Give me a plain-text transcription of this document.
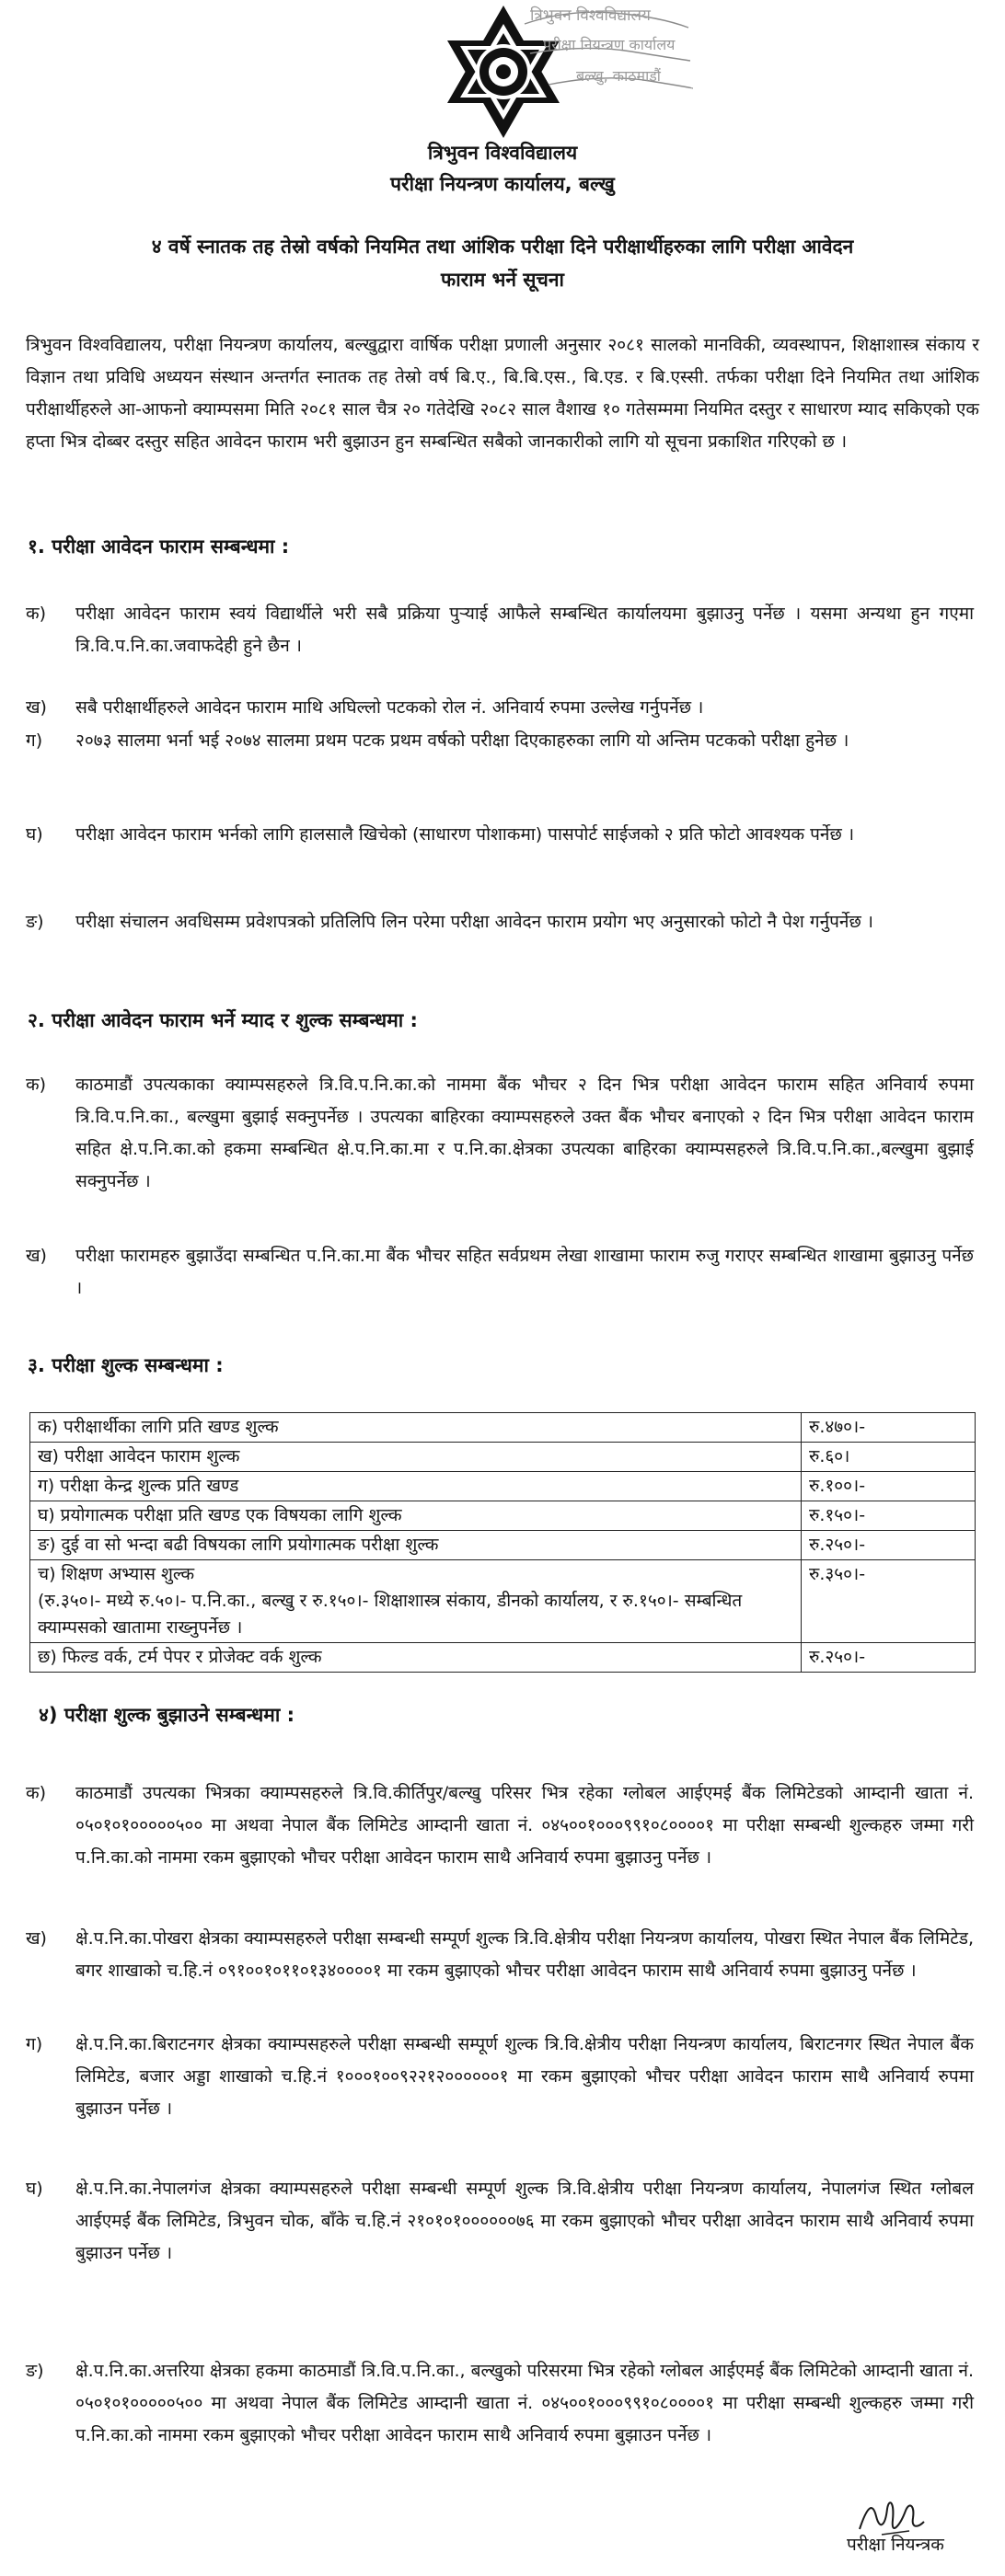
त्रिभुवन विश्वविद्यालय
परीक्षा नियन्त्रण कार्यालय
बल्खु, काठमाडौं
त्रिभुवन विश्वविद्यालय
परीक्षा नियन्त्रण कार्यालय, बल्खु
४ वर्षे स्नातक तह तेस्रो वर्षको नियमित तथा आंशिक परीक्षा दिने परीक्षार्थीहरुका लागि परीक्षा आवेदन
फाराम भर्ने सूचना
त्रिभुवन विश्वविद्यालय, परीक्षा नियन्त्रण कार्यालय, बल्खुद्वारा वार्षिक परीक्षा प्रणाली अनुसार २०८१ सालको मानविकी, व्यवस्थापन, शिक्षाशास्त्र संकाय र विज्ञान तथा प्रविधि अध्ययन संस्थान अन्तर्गत स्नातक तह तेस्रो वर्ष बि.ए., बि.बि.एस., बि.एड. र बि.एस्सी. तर्फका परीक्षा दिने नियमित तथा आंशिक परीक्षार्थीहरुले आ-आफनो क्याम्पसमा मिति २०८१ साल चैत्र २० गतेदेखि २०८२ साल वैशाख १० गतेसम्ममा नियमित दस्तुर र साधारण म्याद सकिएको एक हप्ता भित्र दोब्बर दस्तुर सहित आवेदन फाराम भरी बुझाउन हुन सम्बन्धित सबैको जानकारीको लागि यो सूचना प्रकाशित गरिएको छ ।
१. परीक्षा आवेदन फाराम सम्बन्धमा :
क) परीक्षा आवेदन फाराम स्वयं विद्यार्थीले भरी सबै प्रक्रिया पुर्‍याई आफैले सम्बन्धित कार्यालयमा बुझाउनु पर्नेछ । यसमा अन्यथा हुन गएमा त्रि.वि.प.नि.का.जवाफदेही हुने छैन ।
ख) सबै परीक्षार्थीहरुले आवेदन फाराम माथि अघिल्लो पटकको रोल नं. अनिवार्य रुपमा उल्लेख गर्नुपर्नेछ ।
ग) २०७३ सालमा भर्ना भई २०७४ सालमा प्रथम पटक प्रथम वर्षको परीक्षा दिएकाहरुका लागि यो अन्तिम पटकको परीक्षा हुनेछ ।
घ) परीक्षा आवेदन फाराम भर्नको लागि हालसालै खिचेको (साधारण पोशाकमा) पासपोर्ट साईजको २ प्रति फोटो आवश्यक पर्नेछ ।
ङ) परीक्षा संचालन अवधिसम्म प्रवेशपत्रको प्रतिलिपि लिन परेमा परीक्षा आवेदन फाराम प्रयोग भए अनुसारको फोटो नै पेश गर्नुपर्नेछ ।
२. परीक्षा आवेदन फाराम भर्ने म्याद र शुल्क सम्बन्धमा :
क) काठमाडौं उपत्यकाका क्याम्पसहरुले त्रि.वि.प.नि.का.को नाममा बैंक भौचर २ दिन भित्र परीक्षा आवेदन फाराम सहित अनिवार्य रुपमा त्रि.वि.प.नि.का., बल्खुमा बुझाई सक्नुपर्नेछ । उपत्यका बाहिरका क्याम्पसहरुले उक्त बैंक भौचर बनाएको २ दिन भित्र परीक्षा आवेदन फाराम सहित क्षे.प.नि.का.को हकमा सम्बन्धित क्षे.प.नि.का.मा र प.नि.का.क्षेत्रका उपत्यका बाहिरका क्याम्पसहरुले त्रि.वि.प.नि.का.,बल्खुमा बुझाई सक्नुपर्नेछ ।
ख) परीक्षा फारामहरु बुझाउँदा सम्बन्धित प.नि.का.मा बैंक भौचर सहित सर्वप्रथम लेखा शाखामा फाराम रुजु गराएर सम्बन्धित शाखामा बुझाउनु पर्नेछ ।
३. परीक्षा शुल्क सम्बन्धमा :
क) परीक्षार्थीका लागि प्रति खण्ड शुल्क	रु.४७०।-
ख) परीक्षा आवेदन फाराम शुल्क	रु.६०।
ग) परीक्षा केन्द्र शुल्क प्रति खण्ड	रु.१००।-
घ) प्रयोगात्मक परीक्षा प्रति खण्ड एक विषयका लागि शुल्क	रु.१५०।-
ङ) दुई वा सो भन्दा बढी विषयका लागि प्रयोगात्मक परीक्षा शुल्क	रु.२५०।-

च) शिक्षण अभ्यास शुल्क
(रु.३५०।- मध्ये रु.५०।- प.नि.का., बल्खु र रु.१५०।- शिक्षाशास्त्र संकाय, डीनको कार्यालय, र रु.१५०।- सम्बन्धित क्याम्पसको खातामा राख्नुपर्नेछ ।	रु.३५०।-
छ) फिल्ड वर्क, टर्म पेपर र प्रोजेक्ट वर्क शुल्क	रु.२५०।-
४) परीक्षा शुल्क बुझाउने सम्बन्धमा :
क) काठमाडौं उपत्यका भित्रका क्याम्पसहरुले त्रि.वि.कीर्तिपुर/बल्खु परिसर भित्र रहेका ग्लोबल आईएमई बैंक लिमिटेडको आम्दानी खाता नं. ०५०१०१०००००५०० मा अथवा नेपाल बैंक लिमिटेड आम्दानी खाता नं. ०४५००१०००९९१०८००००१ मा परीक्षा सम्बन्धी शुल्कहरु जम्मा गरी प.नि.का.को नाममा रकम बुझाएको भौचर परीक्षा आवेदन फाराम साथै अनिवार्य रुपमा बुझाउनु पर्नेछ ।
ख) क्षे.प.नि.का.पोखरा क्षेत्रका क्याम्पसहरुले परीक्षा सम्बन्धी सम्पूर्ण शुल्क त्रि.वि.क्षेत्रीय परीक्षा नियन्त्रण कार्यालय, पोखरा स्थित नेपाल बैंक लिमिटेड, बगर शाखाको च.हि.नं ०९१००१०११०१३४००००१ मा रकम बुझाएको भौचर परीक्षा आवेदन फाराम साथै अनिवार्य रुपमा बुझाउनु पर्नेछ ।
ग) क्षे.प.नि.का.बिराटनगर क्षेत्रका क्याम्पसहरुले परीक्षा सम्बन्धी सम्पूर्ण शुल्क त्रि.वि.क्षेत्रीय परीक्षा नियन्त्रण कार्यालय, बिराटनगर स्थित नेपाल बैंक लिमिटेड, बजार अड्डा शाखाको च.हि.नं १०००१००९२२१२००००००१ मा रकम बुझाएको भौचर परीक्षा आवेदन फाराम साथै अनिवार्य रुपमा बुझाउन पर्नेछ ।
घ) क्षे.प.नि.का.नेपालगंज क्षेत्रका क्याम्पसहरुले परीक्षा सम्बन्धी सम्पूर्ण शुल्क त्रि.वि.क्षेत्रीय परीक्षा नियन्त्रण कार्यालय, नेपालगंज स्थित ग्लोबल आईएमई बैंक लिमिटेड, त्रिभुवन चोक, बाँके च.हि.नं २१०१०१००००००७६ मा रकम बुझाएको भौचर परीक्षा आवेदन फाराम साथै अनिवार्य रुपमा बुझाउन पर्नेछ ।
ङ) क्षे.प.नि.का.अत्तरिया क्षेत्रका हकमा काठमाडौं त्रि.वि.प.नि.का., बल्खुको परिसरमा भित्र रहेको ग्लोबल आईएमई बैंक लिमिटेको आम्दानी खाता नं. ०५०१०१०००००५०० मा अथवा नेपाल बैंक लिमिटेड आम्दानी खाता नं. ०४५००१०००९९१०८००००१ मा परीक्षा सम्बन्धी शुल्कहरु जम्मा गरी प.नि.का.को नाममा रकम बुझाएको भौचर परीक्षा आवेदन फाराम साथै अनिवार्य रुपमा बुझाउन पर्नेछ ।
परीक्षा नियन्त्रक
